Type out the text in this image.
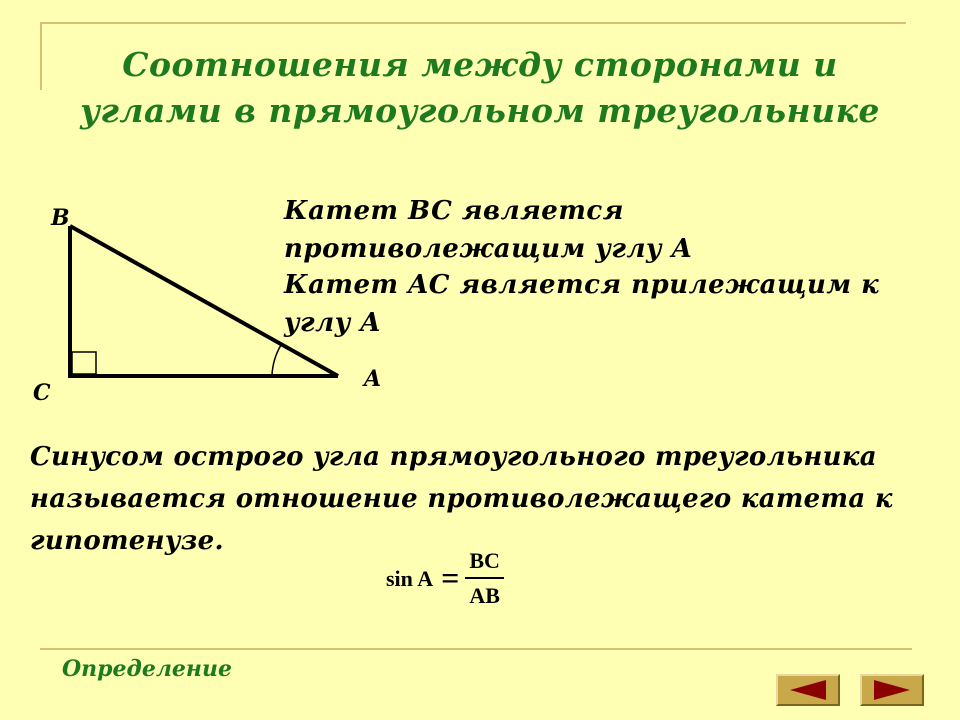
Соотношения между сторонами и углами в прямоугольном треугольнике
B
C
A
Катет BC является противолежащим углу A
Катет AC является прилежащим к углу A
Синусом острого угла прямоугольного треугольника называется отношение противолежащего катета к гипотенузе.
$\sin A = \frac{BC}{AB}$
Определение
